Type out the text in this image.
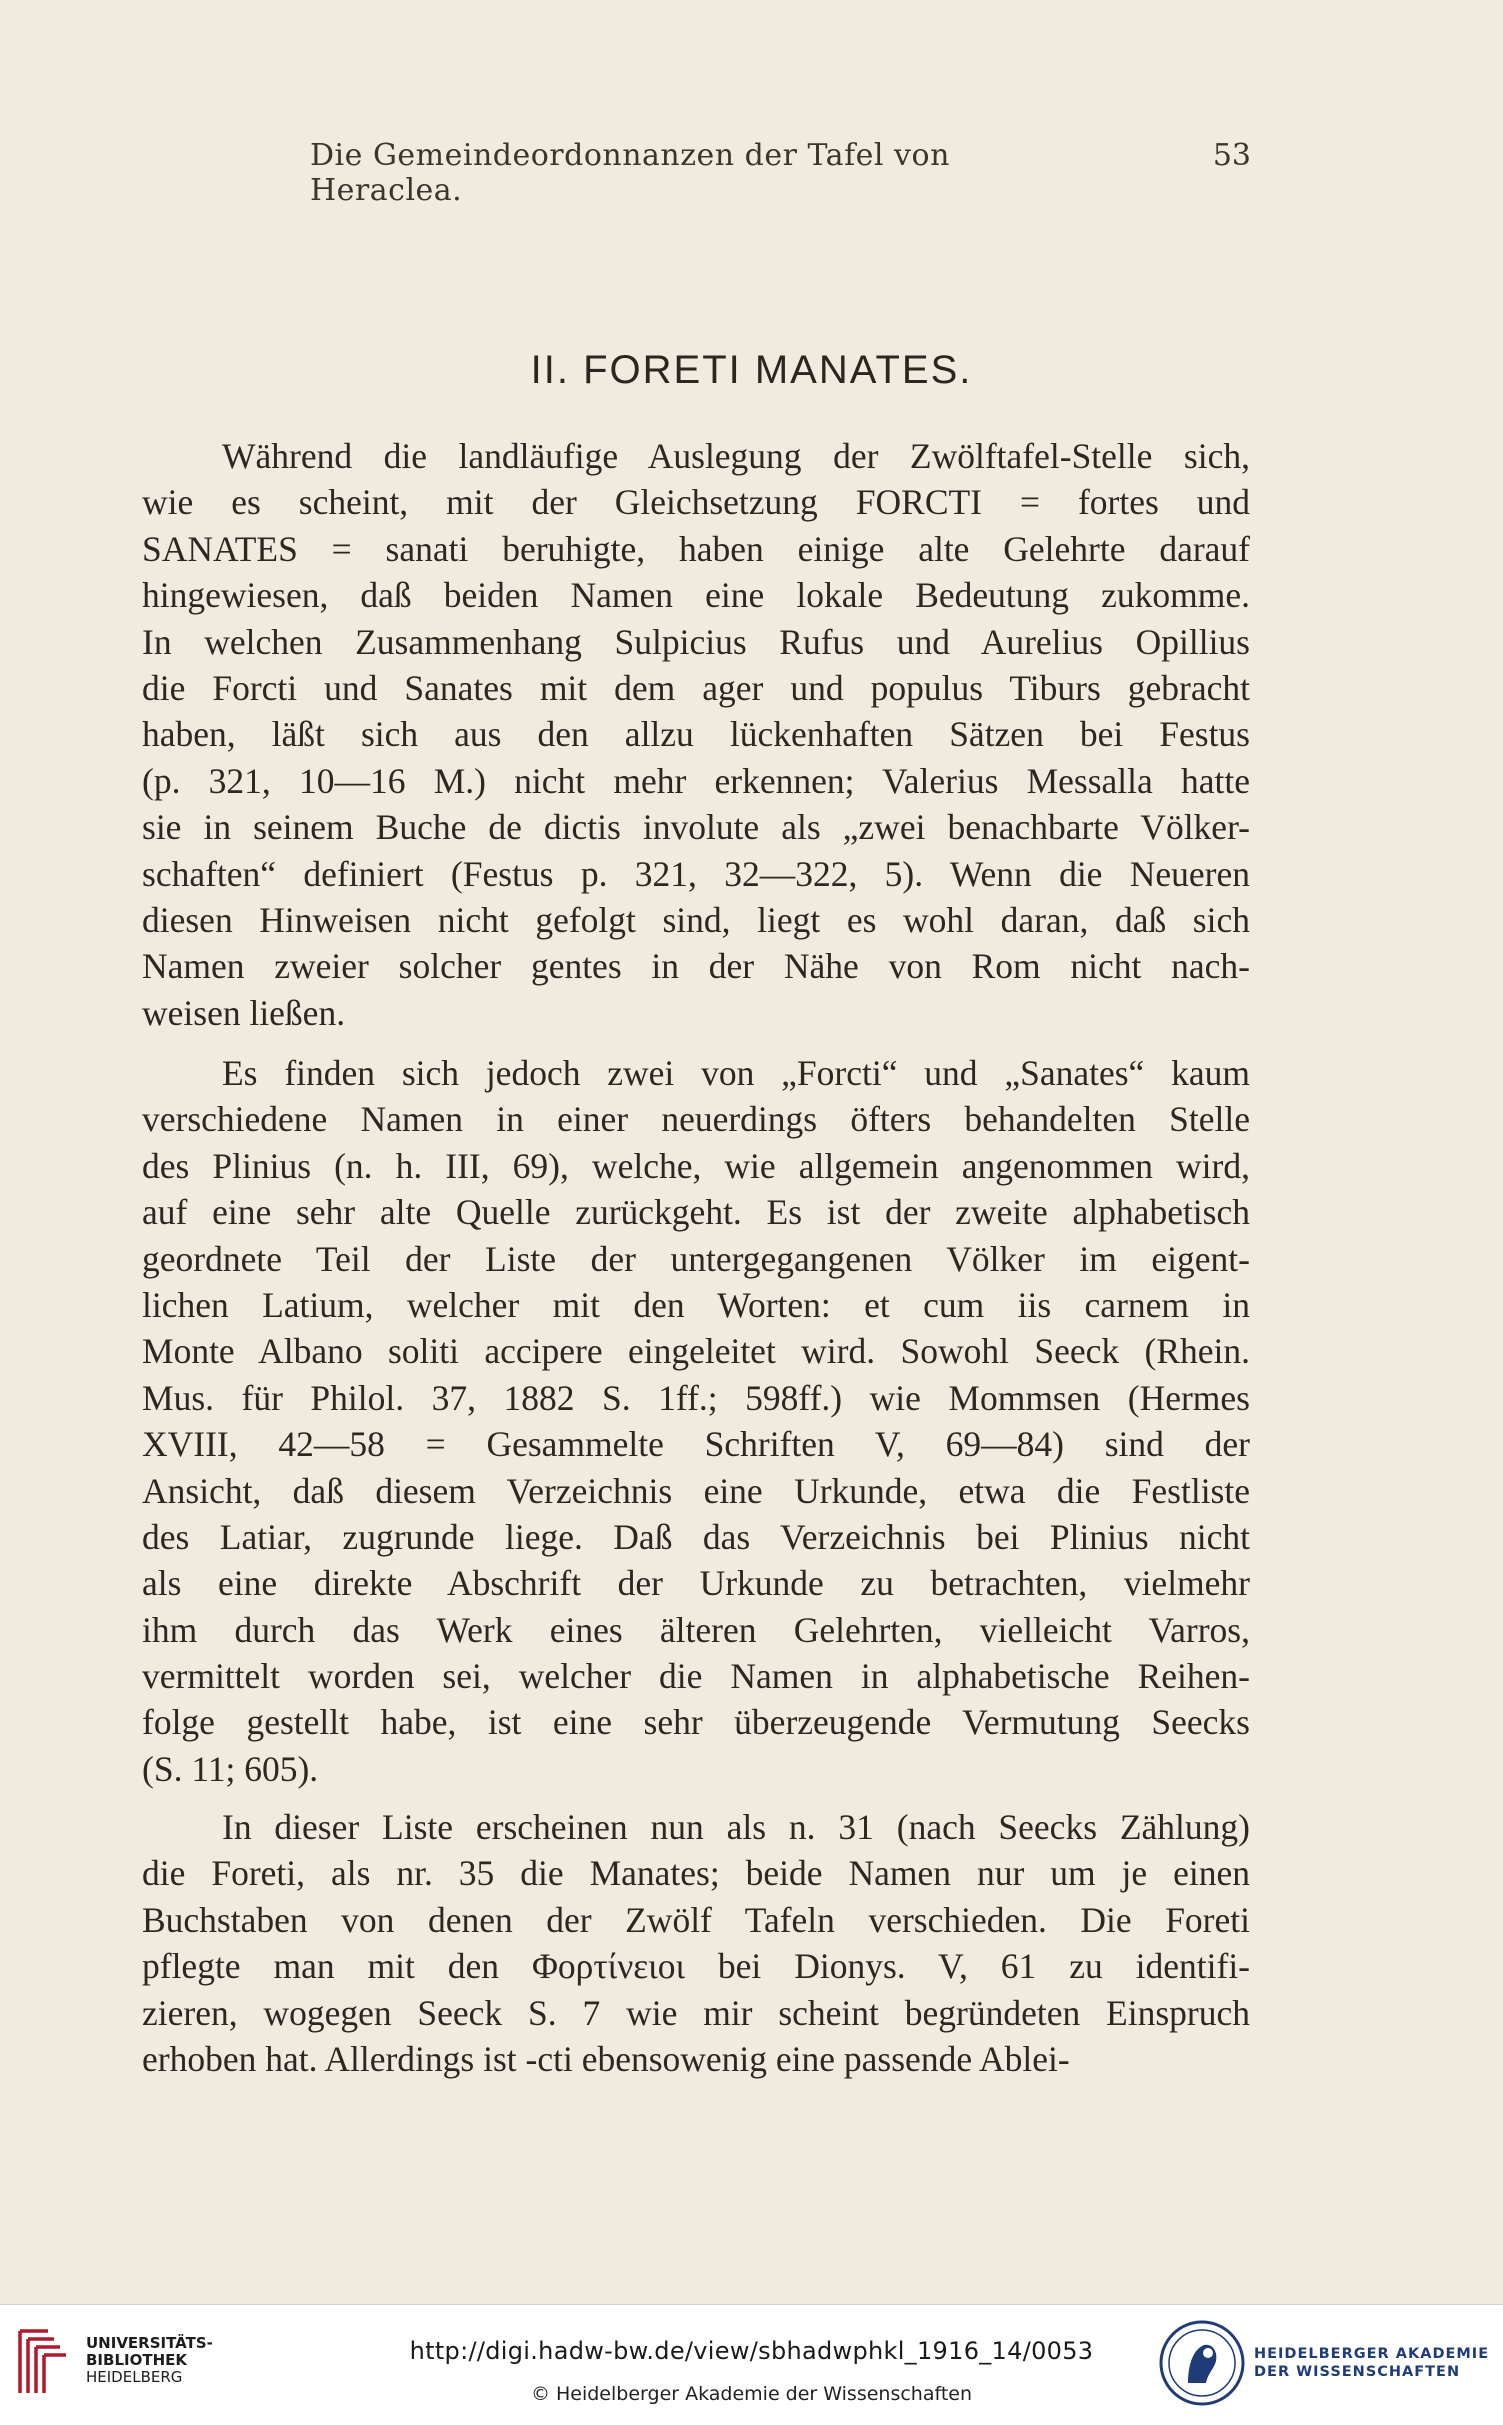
Die Gemeindeordonnanzen der Tafel von Heraclea.
53
II. FORETI MANATES.
Während die landläufige Auslegung der Zwölftafel-Stelle sich,
wie es scheint, mit der Gleichsetzung FORCTI = fortes und
SANATES = sanati beruhigte, haben einige alte Gelehrte darauf
hingewiesen, daß beiden Namen eine lokale Bedeutung zukomme.
In welchen Zusammenhang Sulpicius Rufus und Aurelius Opillius
die Forcti und Sanates mit dem ager und populus Tiburs gebracht
haben, läßt sich aus den allzu lückenhaften Sätzen bei Festus
(p. 321, 10—16 M.) nicht mehr erkennen; Valerius Messalla hatte
sie in seinem Buche de dictis involute als „zwei benachbarte Völker-
schaften“ definiert (Festus p. 321, 32—322, 5). Wenn die Neueren
diesen Hinweisen nicht gefolgt sind, liegt es wohl daran, daß sich
Namen zweier solcher gentes in der Nähe von Rom nicht nach-
weisen ließen.
Es finden sich jedoch zwei von „Forcti“ und „Sanates“ kaum
verschiedene Namen in einer neuerdings öfters behandelten Stelle
des Plinius (n. h. III, 69), welche, wie allgemein angenommen wird,
auf eine sehr alte Quelle zurückgeht. Es ist der zweite alphabetisch
geordnete Teil der Liste der untergegangenen Völker im eigent-
lichen Latium, welcher mit den Worten: et cum iis carnem in
Monte Albano soliti accipere eingeleitet wird. Sowohl Seeck (Rhein.
Mus. für Philol. 37, 1882 S. 1ff.; 598ff.) wie Mommsen (Hermes
XVIII, 42—58 = Gesammelte Schriften V, 69—84) sind der
Ansicht, daß diesem Verzeichnis eine Urkunde, etwa die Festliste
des Latiar, zugrunde liege. Daß das Verzeichnis bei Plinius nicht
als eine direkte Abschrift der Urkunde zu betrachten, vielmehr
ihm durch das Werk eines älteren Gelehrten, vielleicht Varros,
vermittelt worden sei, welcher die Namen in alphabetische Reihen-
folge gestellt habe, ist eine sehr überzeugende Vermutung Seecks
(S. 11; 605).
In dieser Liste erscheinen nun als n. 31 (nach Seecks Zählung)
die Foreti, als nr. 35 die Manates; beide Namen nur um je einen
Buchstaben von denen der Zwölf Tafeln verschieden. Die Foreti
pflegte man mit den Φορτίνειοι bei Dionys. V, 61 zu identifi-
zieren, wogegen Seeck S. 7 wie mir scheint begründeten Einspruch
erhoben hat. Allerdings ist -cti ebensowenig eine passende Ablei-
UNIVERSITÄTS-
BIBLIOTHEK
HEIDELBERG
http://digi.hadw-bw.de/view/sbhadwphkl_1916_14/0053
© Heidelberger Akademie der Wissenschaften
HEIDELBERGER AKADEMIE
DER WISSENSCHAFTEN
